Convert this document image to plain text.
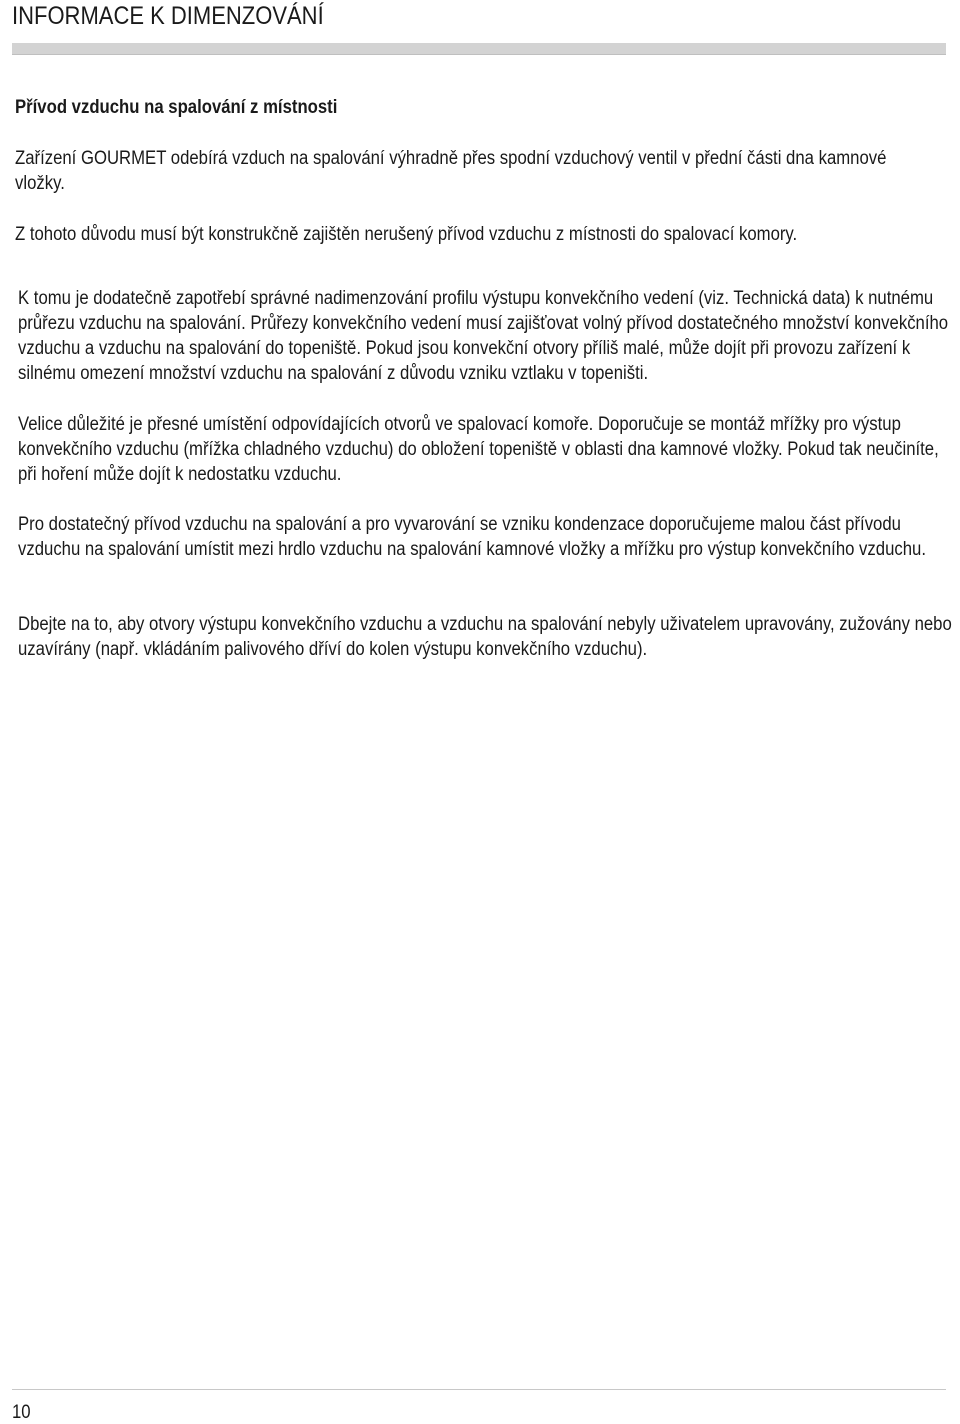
INFORMACE K DIMENZOVÁNÍ
Přívod vzduchu na spalování z místnosti

Zařízení GOURMET odebírá vzduch na spalování výhradně přes spodní vzduchový ventil v přední části dna kamnové vložky.

Z tohoto důvodu musí být konstrukčně zajištěn nerušený přívod vzduchu z místnosti do spalovací komory.

K tomu je dodatečně zapotřebí správné nadimenzování profilu výstupu konvekčního vedení (viz. Technická data) k nutnému průřezu vzduchu na spalování. Průřezy konvekčního vedení musí zajišťovat volný přívod dostatečného množství konvekčního vzduchu a vzduchu na spalování do topeniště. Pokud jsou konvekční otvory příliš malé, může dojít při provozu zařízení k silnému omezení množství vzduchu na spalování z důvodu vzniku vztlaku v topeništi.

Velice důležité je přesné umístění odpovídajících otvorů ve spalovací komoře. Doporučuje se montáž mřížky pro výstup konvekčního vzduchu (mřížka chladného vzduchu) do obložení topeniště v oblasti dna kamnové vložky. Pokud tak neučiníte, při hoření může dojít k nedostatku vzduchu.

Pro dostatečný přívod vzduchu na spalování a pro vyvarování se vzniku kondenzace doporučujeme malou část přívodu vzduchu na spalování umístit mezi hrdlo vzduchu na spalování kamnové vložky a mřížku pro výstup konvekčního vzduchu.

Dbejte na to, aby otvory výstupu konvekčního vzduchu a vzduchu na spalování nebyly uživatelem upravovány, zužovány nebo uzavírány (např. vkládáním palivového dříví do kolen výstupu konvekčního vzduchu).

10
